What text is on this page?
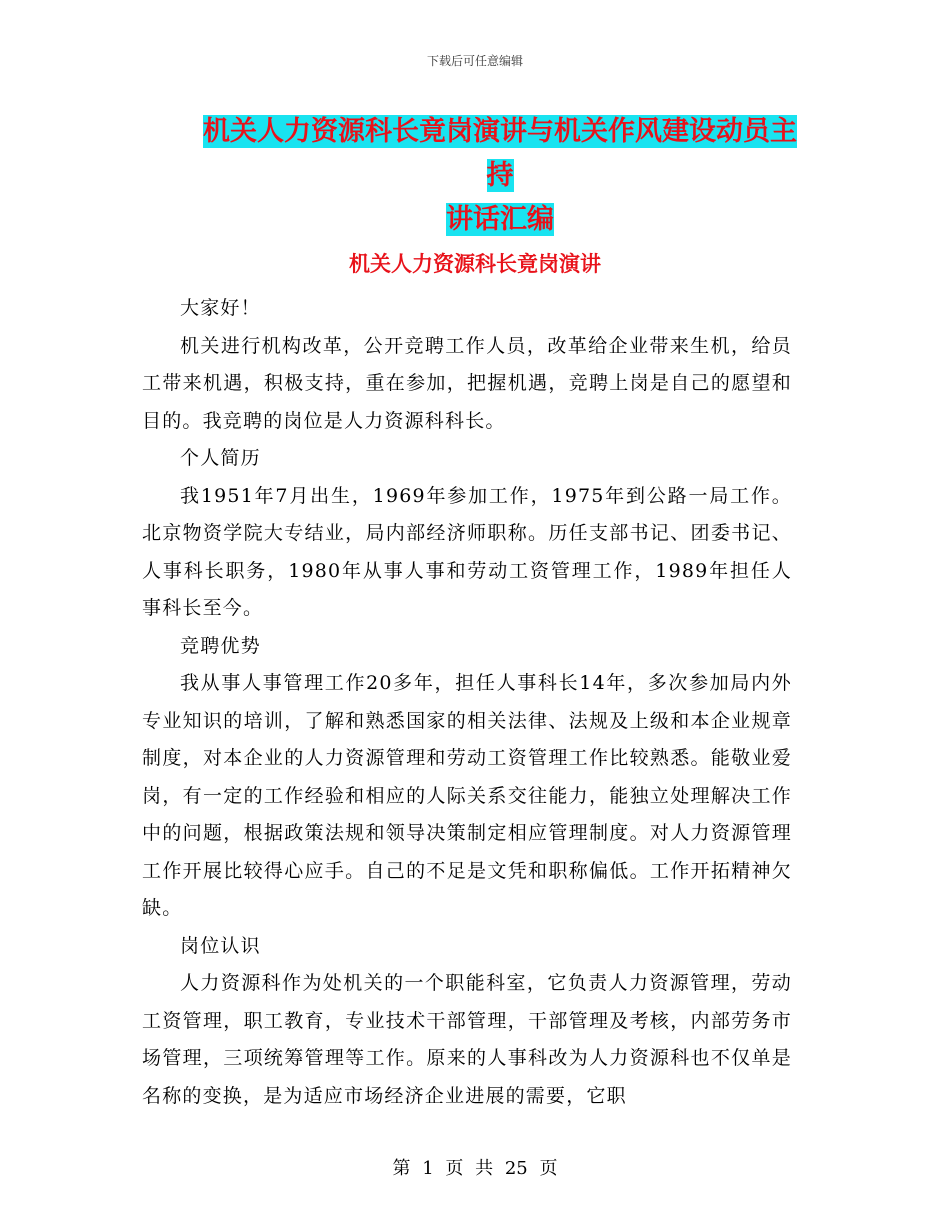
下载后可任意编辑
机关人力资源科长竟岗演讲与机关作风建设动员主持
讲话汇编
机关人力资源科长竟岗演讲

大家好！

机关进行机构改革，公开竞聘工作人员，改革给企业带来生机，给员工带来机遇，积极支持，重在参加，把握机遇，竞聘上岗是自己的愿望和目的。我竞聘的岗位是人力资源科科长。

个人简历

我1951年7月出生，1969年参加工作，1975年到公路一局工作。北京物资学院大专结业，局内部经济师职称。历任支部书记、团委书记、人事科长职务，1980年从事人事和劳动工资管理工作，1989年担任人事科长至今。

竞聘优势

我从事人事管理工作20多年，担任人事科长14年，多次参加局内外专业知识的培训，了解和熟悉国家的相关法律、法规及上级和本企业规章制度，对本企业的人力资源管理和劳动工资管理工作比较熟悉。能敬业爱岗，有一定的工作经验和相应的人际关系交往能力，能独立处理解决工作中的问题，根据政策法规和领导决策制定相应管理制度。对人力资源管理工作开展比较得心应手。自己的不足是文凭和职称偏低。工作开拓精神欠缺。

岗位认识

人力资源科作为处机关的一个职能科室，它负责人力资源管理，劳动工资管理，职工教育，专业技术干部管理，干部管理及考核，内部劳务市场管理，三项统筹管理等工作。原来的人事科改为人力资源科也不仅单是名称的变换，是为适应市场经济企业进展的需要，它职

第 1 页 共 25 页
